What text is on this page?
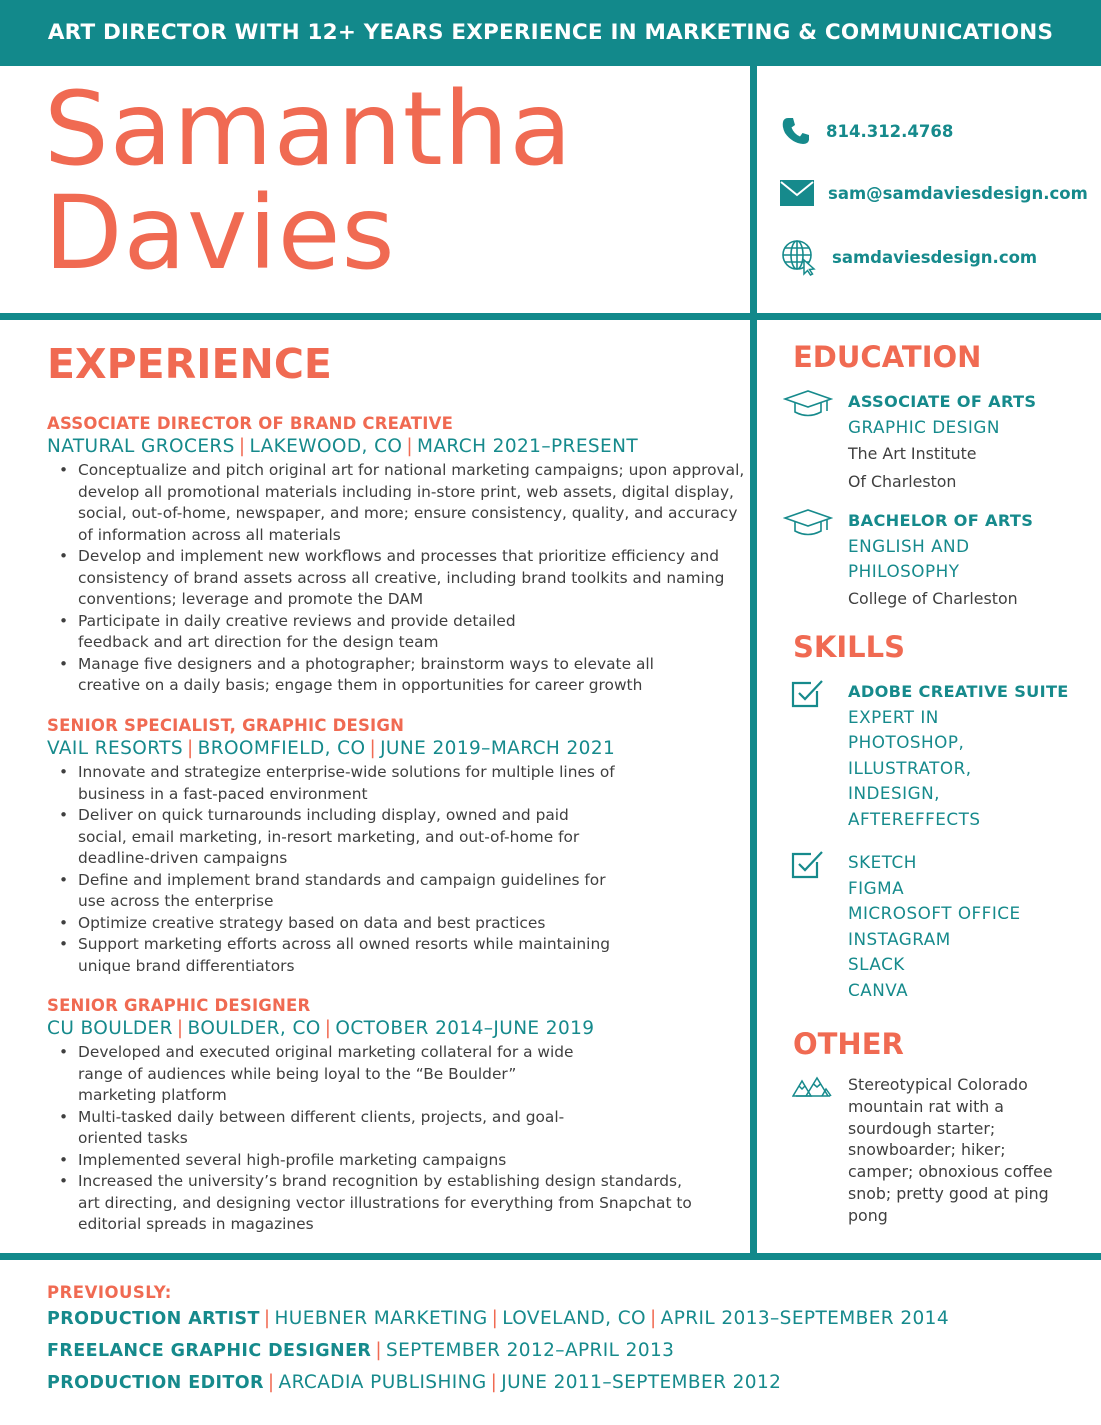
ART DIRECTOR WITH 12+ YEARS EXPERIENCE IN MARKETING & COMMUNICATIONS
Samantha
Davies
814.312.4768
sam@samdaviesdesign.com
samdaviesdesign.com
EXPERIENCE
ASSOCIATE DIRECTOR OF BRAND CREATIVE
NATURAL GROCERS | LAKEWOOD, CO | MARCH 2021–PRESENT
• Conceptualize and pitch original art for national marketing campaigns; upon approval, develop all promotional materials including in-store print, web assets, digital display, social, out-of-home, newspaper, and more; ensure consistency, quality, and accuracy of information across all materials
• Develop and implement new workflows and processes that prioritize efficiency and consistency of brand assets across all creative, including brand toolkits and naming conventions; leverage and promote the DAM
• Participate in daily creative reviews and provide detailed feedback and art direction for the design team
• Manage five designers and a photographer; brainstorm ways to elevate all creative on a daily basis; engage them in opportunities for career growth
SENIOR SPECIALIST, GRAPHIC DESIGN
VAIL RESORTS | BROOMFIELD, CO | JUNE 2019–MARCH 2021
• Innovate and strategize enterprise-wide solutions for multiple lines of business in a fast-paced environment
• Deliver on quick turnarounds including display, owned and paid social, email marketing, in-resort marketing, and out-of-home for deadline-driven campaigns
• Define and implement brand standards and campaign guidelines for use across the enterprise
• Optimize creative strategy based on data and best practices
• Support marketing efforts across all owned resorts while maintaining unique brand differentiators
SENIOR GRAPHIC DESIGNER
CU BOULDER | BOULDER, CO | OCTOBER 2014–JUNE 2019
• Developed and executed original marketing collateral for a wide range of audiences while being loyal to the “Be Boulder” marketing platform
• Multi-tasked daily between different clients, projects, and goal-oriented tasks
• Implemented several high-profile marketing campaigns
• Increased the university’s brand recognition by establishing design standards, art directing, and designing vector illustrations for everything from Snapchat to editorial spreads in magazines
EDUCATION
ASSOCIATE OF ARTS
GRAPHIC DESIGN
The Art Institute
Of Charleston
BACHELOR OF ARTS
ENGLISH AND
PHILOSOPHY
College of Charleston
SKILLS
ADOBE CREATIVE SUITE
EXPERT IN
PHOTOSHOP,
ILLUSTRATOR,
INDESIGN,
AFTEREFFECTS
SKETCH
FIGMA
MICROSOFT OFFICE
INSTAGRAM
SLACK
CANVA
OTHER
Stereotypical Colorado mountain rat with a sourdough starter; snowboarder; hiker; camper; obnoxious coffee snob; pretty good at ping pong
PREVIOUSLY:
PRODUCTION ARTIST | HUEBNER MARKETING | LOVELAND, CO | APRIL 2013–SEPTEMBER 2014
FREELANCE GRAPHIC DESIGNER | SEPTEMBER 2012–APRIL 2013
PRODUCTION EDITOR | ARCADIA PUBLISHING | JUNE 2011–SEPTEMBER 2012
